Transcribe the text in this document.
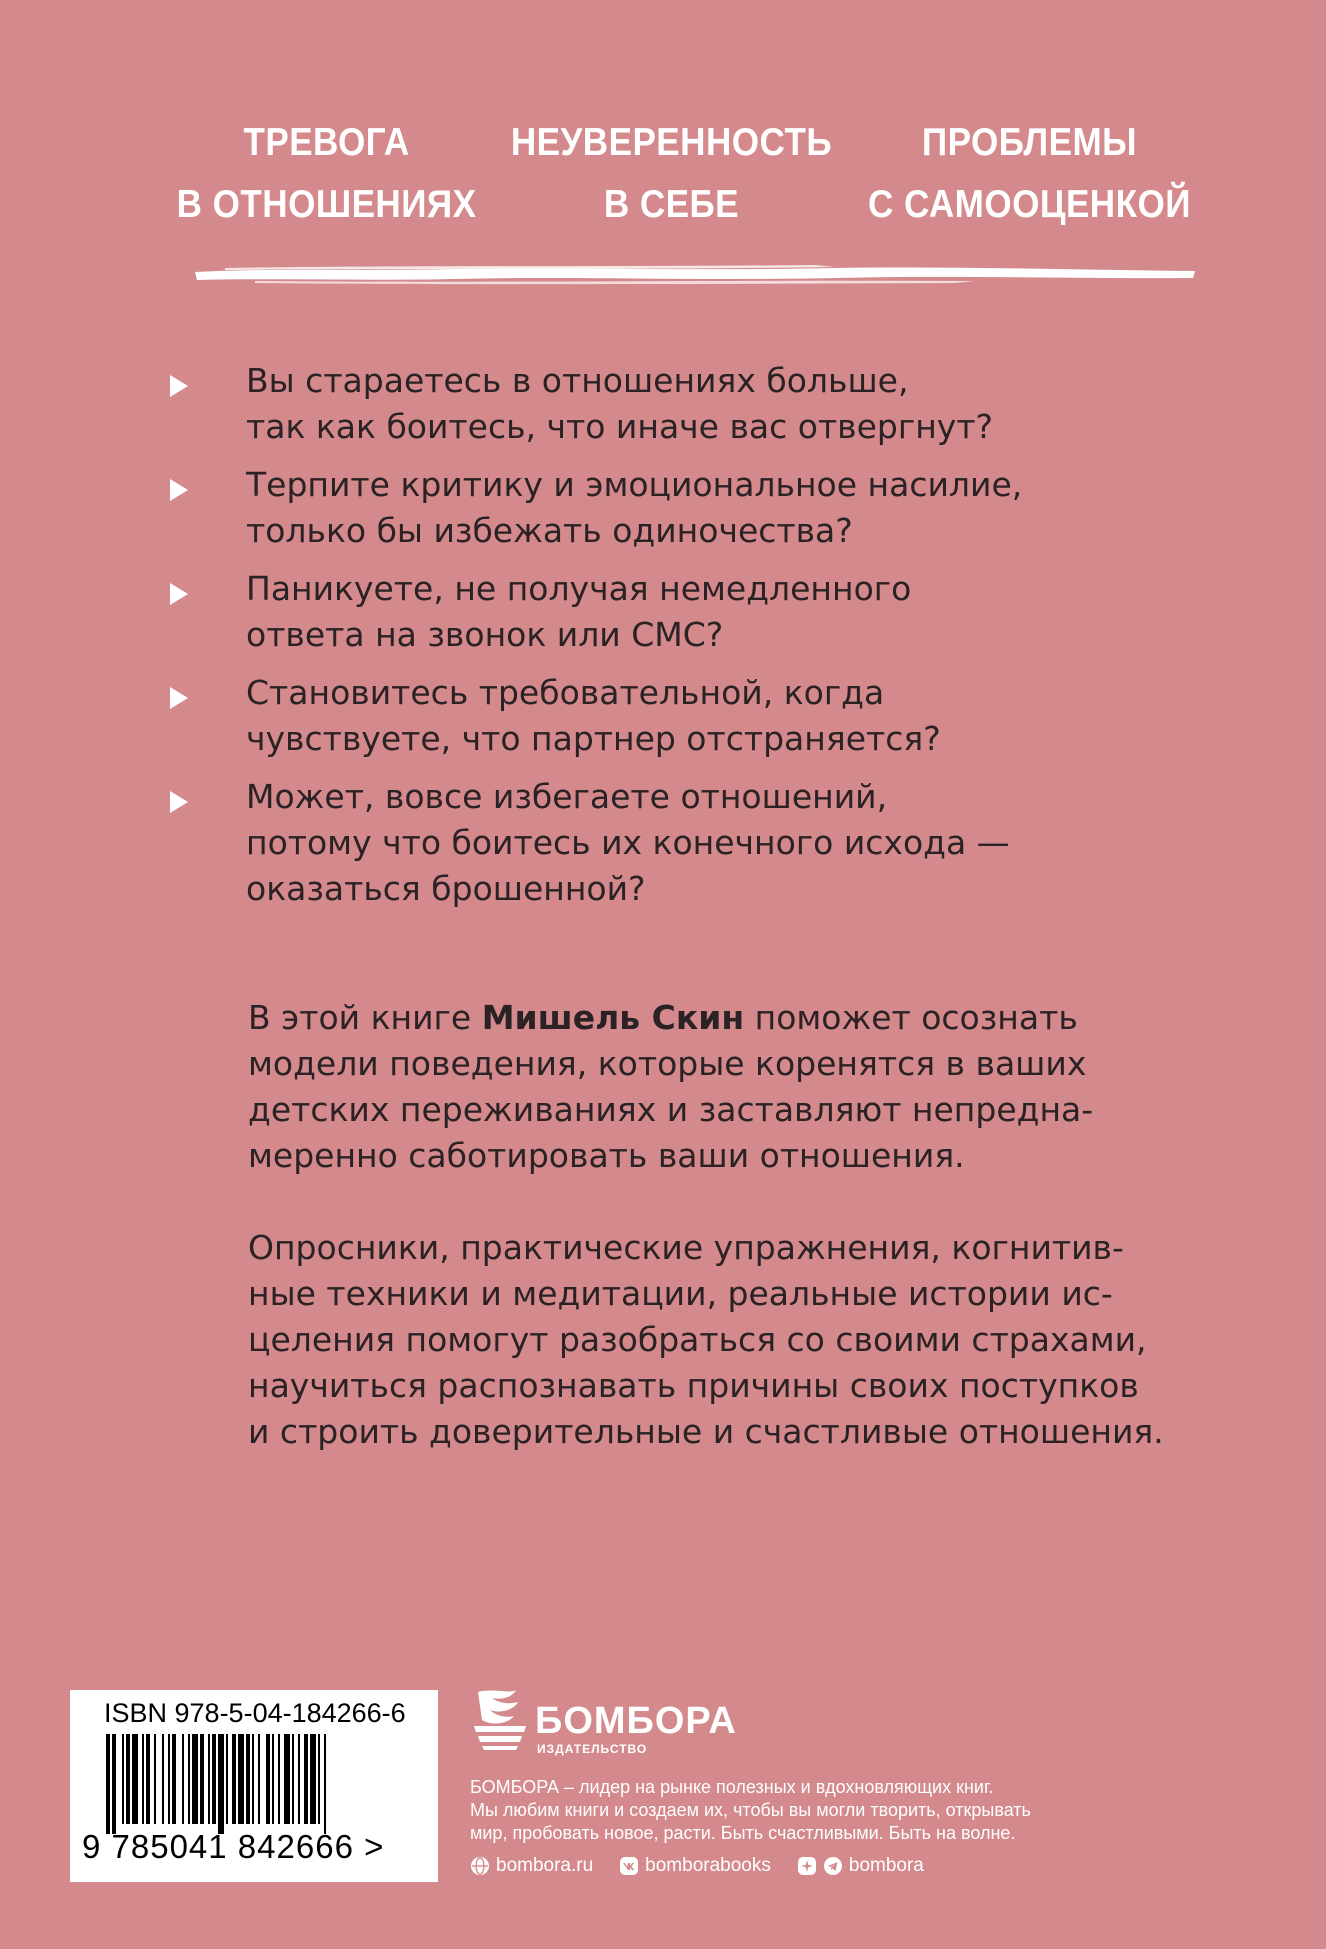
ТРЕВОГА
В ОТНОШЕНИЯХ
НЕУВЕРЕННОСТЬ
В СЕБЕ
ПРОБЛЕМЫ
С САМООЦЕНКОЙ
Вы стараетесь в отношениях больше,
так как боитесь, что иначе вас отвергнут?
Терпите критику и эмоциональное насилие,
только бы избежать одиночества?
Паникуете, не получая немедленного
ответа на звонок или СМС?
Становитесь требовательной, когда
чувствуете, что партнер отстраняется?
Может, вовсе избегаете отношений,
потому что боитесь их конечного исхода —
оказаться брошенной?
В этой книге Мишель Скин поможет осознать
модели поведения, которые коренятся в ваших
детских переживаниях и заставляют непредна-
меренно саботировать ваши отношения.
Опросники, практические упражнения, когнитив-
ные техники и медитации, реальные истории ис-
целения помогут разобраться со своими страхами,
научиться распознавать причины своих поступков
и строить доверительные и счастливые отношения.
ISBN 978-5-04-184266-6
9 785041 842666 >
БОМБОРА
ИЗДАТЕЛЬСТВО
БОМБОРА – лидер на рынке полезных и вдохновляющих книг.
Мы любим книги и создаем их, чтобы вы могли творить, открывать
мир, пробовать новое, расти. Быть счастливыми. Быть на волне.
bombora.ru	bomborabooks	bombora
